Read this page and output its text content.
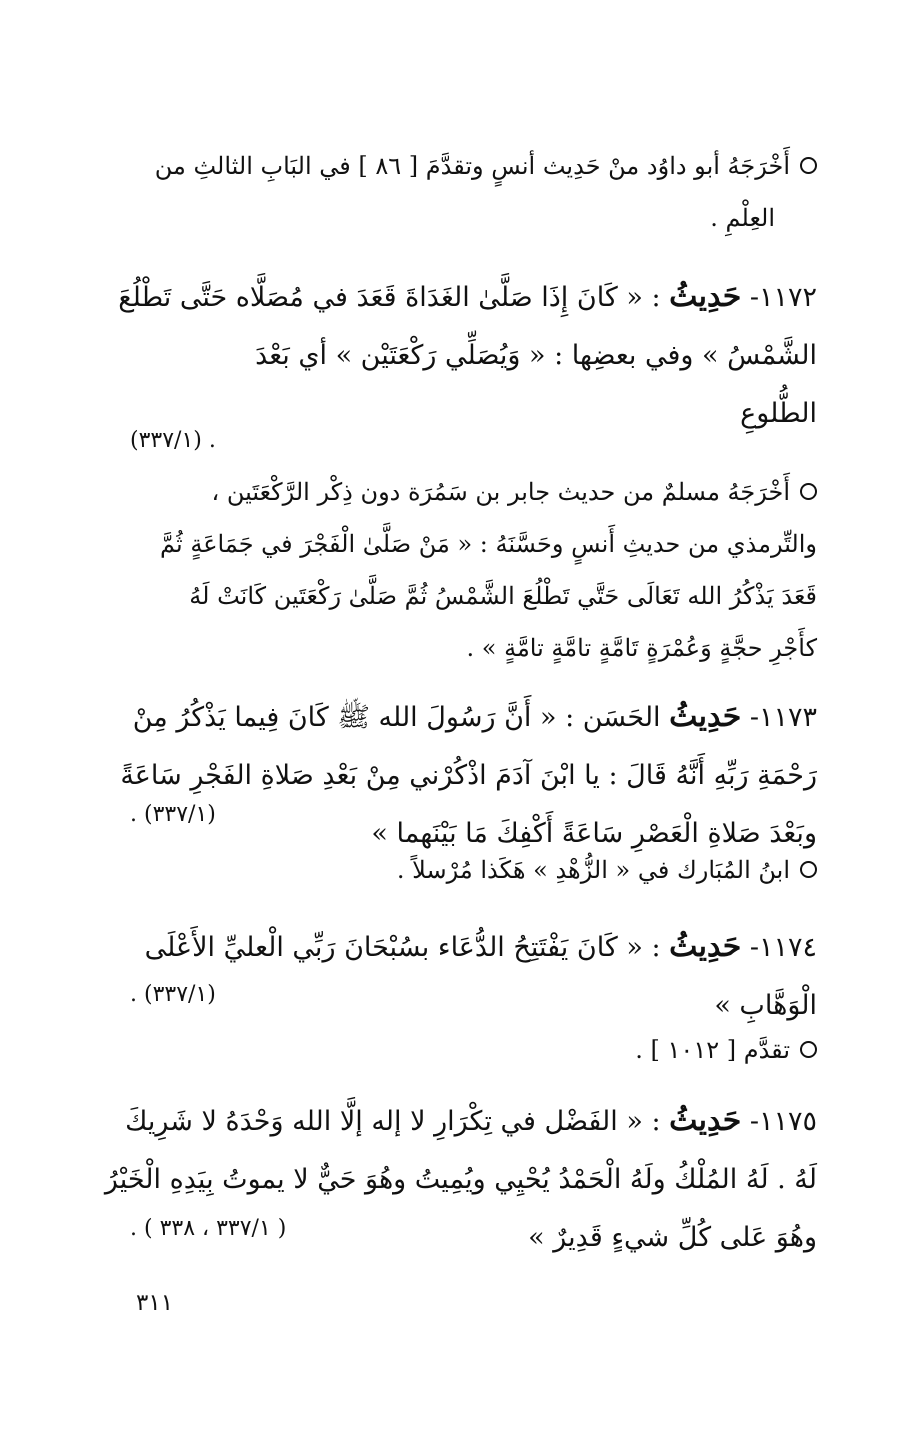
أَخْرَجَهُ أبو داوُد منْ حَدِيث أنسٍ وتقدَّمَ [ ٨٦ ] في البَابِ الثالثِ من
العِلْمِ .
١١٧٢- حَدِيثُ : « كَانَ إِذَا صَلَّىٰ الغَدَاةَ قَعَدَ في مُصَلَّاه حَتَّى تَطْلُعَ
الشَّمْسُ » وفي بعضِها : « وَيُصَلِّي رَكْعَتَيْن » أي بَعْدَ
الطُّلوعِ
. (٣٣٧/١)
أَخْرَجَهُ مسلمٌ من حديث جابر بن سَمُرَة دون ذِكْر الرَّكْعَتَين ،
والتِّرمذي من حديثِ أَنسٍ وحَسَّنَهُ : « مَنْ صَلَّىٰ الْفَجْرَ في جَمَاعَةٍ ثُمَّ
قَعَدَ يَذْكُرُ الله تَعَالَى حَتَّي تَطْلُعَ الشَّمْسُ ثُمَّ صَلَّىٰ رَكْعَتَين كَانَتْ لَهُ
كأَجْرِ حجَّةٍ وَعُمْرَةٍ تَامَّةٍ تامَّةٍ تامَّةٍ » .
١١٧٣- حَدِيثُ الحَسَن : « أَنَّ رَسُولَ الله ﷺ كَانَ فِيما يَذْكُرُ مِنْ
رَحْمَةِ رَبِّهِ أَنَّهُ قَالَ : يا ابْنَ آدَمَ اذْكُرْني مِنْ بَعْدِ صَلاةِ الفَجْرِ سَاعَةً
وبَعْدَ صَلاةِ الْعَصْرِ سَاعَةً أَكْفِكَ مَا بَيْنَهما »
(٣٣٧/١) .
ابنُ المُبَارك في « الزُّهْدِ » هَكَذا مُرْسلاً .
١١٧٤- حَدِيثُ : « كَانَ يَفْتَتِحُ الدُّعَاء بسُبْحَانَ رَبِّي الْعليِّ الأَعْلَى
الْوَهَّابِ »
(٣٣٧/١) .
تقدَّم [ ١٠١٢ ] .
١١٧٥- حَدِيثُ : « الفَضْل في تِكْرَارِ لا إله إلَّا الله وَحْدَهُ لا شَرِيكَ
لَهُ . لَهُ المُلْكُ ولَهُ الْحَمْدُ يُحْيِي ويُمِيتُ وهُوَ حَيٌّ لا يموتُ بِيَدِهِ الْخَيْرُ
وهُوَ عَلى كُلِّ شيءٍ قَدِيرٌ »
( ٣٣٧/١ ، ٣٣٨ ) .
٣١١
